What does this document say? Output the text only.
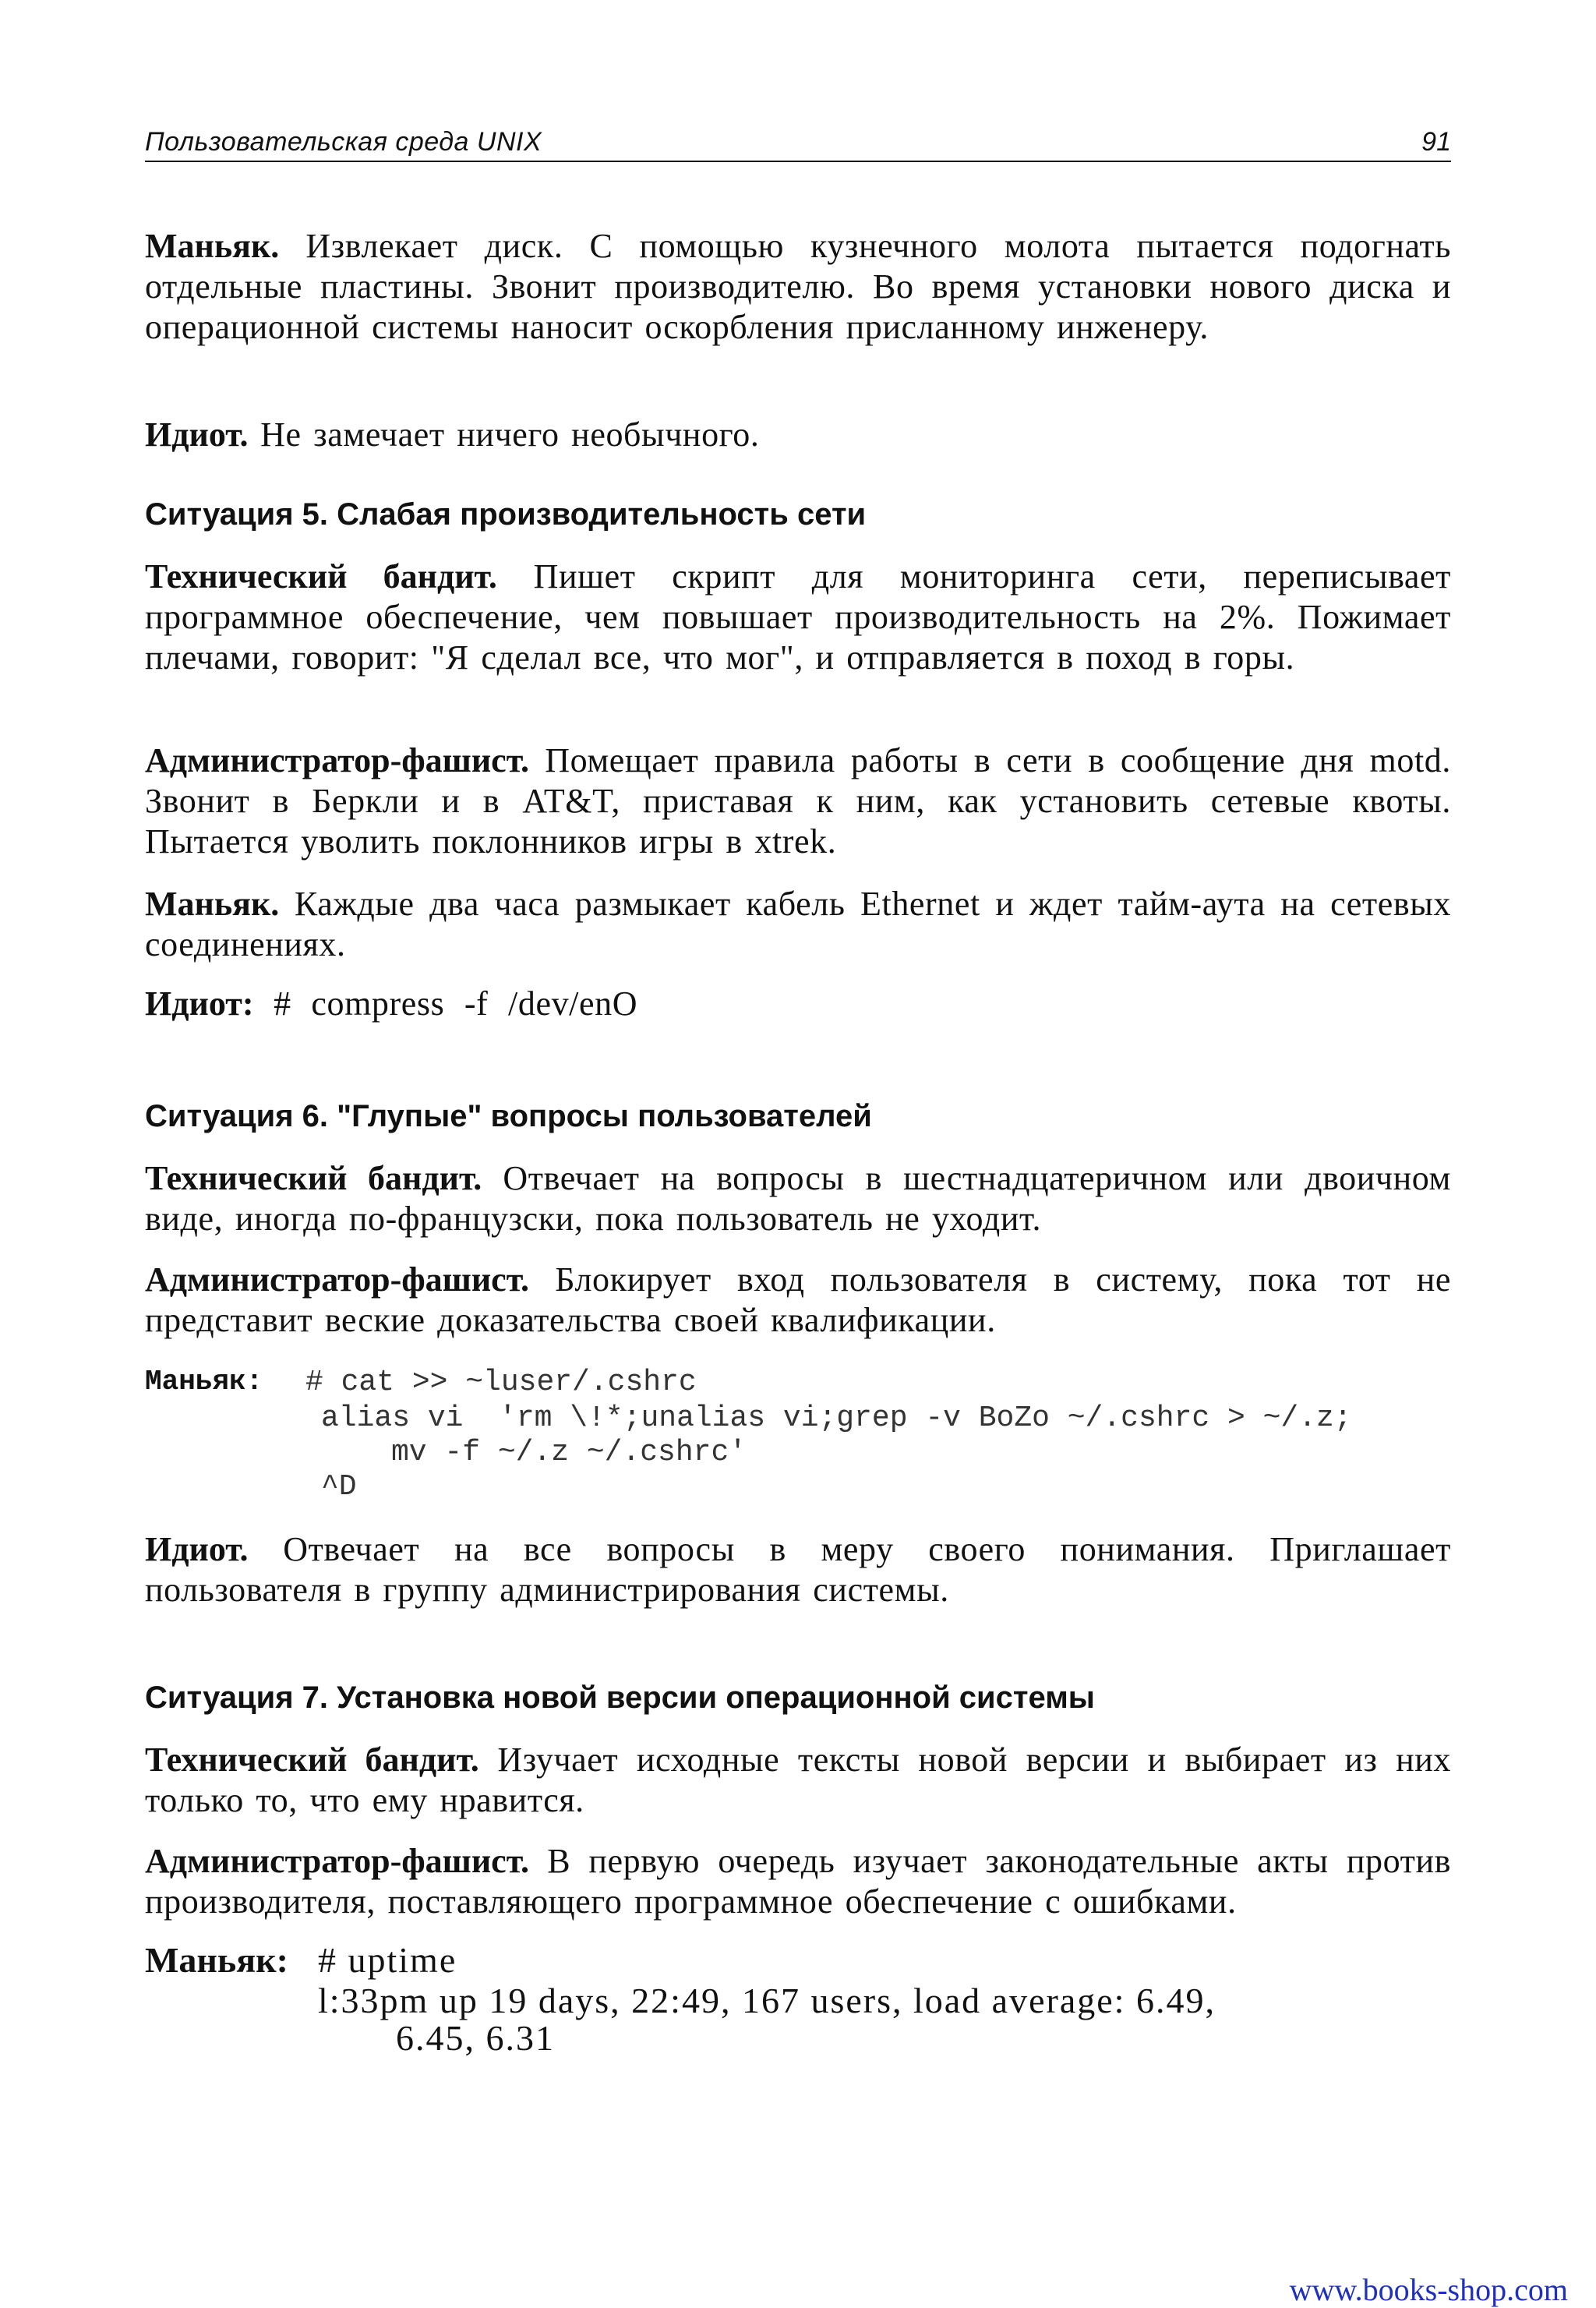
Пользовательская среда UNIX	91
Маньяк. Извлекает диск. С помощью кузнечного молота пытается подогнать отдельные пластины. Звонит производителю. Во время установки нового диска и операционной системы наносит оскорбления присланному инженеру.
Идиот. Не замечает ничего необычного.
Ситуация 5. Слабая производительность сети
Технический бандит. Пишет скрипт для мониторинга сети, переписывает программное обеспечение, чем повышает производительность на 2%. Пожимает плечами, говорит: "Я сделал все, что мог", и отправляется в поход в горы.
Администратор-фашист. Помещает правила работы в сети в сообщение дня motd. Звонит в Беркли и в AT&T, приставая к ним, как установить сетевые квоты. Пытается уволить поклонников игры в xtrek.
Маньяк. Каждые два часа размыкает кабель Ethernet и ждет тайм-аута на сетевых соединениях.
Идиот: # compress -f /dev/enO
Ситуация 6. "Глупые" вопросы пользователей
Технический бандит. Отвечает на вопросы в шестнадцатеричном или двоичном виде, иногда по-французски, пока пользователь не уходит.
Администратор-фашист. Блокирует вход пользователя в систему, пока тот не представит веские доказательства своей квалификации.
Маньяк: # cat >> ~luser/.cshrc
alias vi  'rm \!*;unalias vi;grep -v BoZo ~/.cshrc > ~/.z;
mv -f ~/.z ~/.cshrc'
^D
Идиот. Отвечает на все вопросы в меру своего понимания. Приглашает пользователя в группу администрирования системы.
Ситуация 7. Установка новой версии операционной системы
Технический бандит. Изучает исходные тексты новой версии и выбирает из них только то, что ему нравится.
Администратор-фашист. В первую очередь изучает законодательные акты против производителя, поставляющего программное обеспечение с ошибками.
Маньяк: # uptime
l:33pm up 19 days, 22:49, 167 users, load average: 6.49,
6.45, 6.31
www.books-shop.com
